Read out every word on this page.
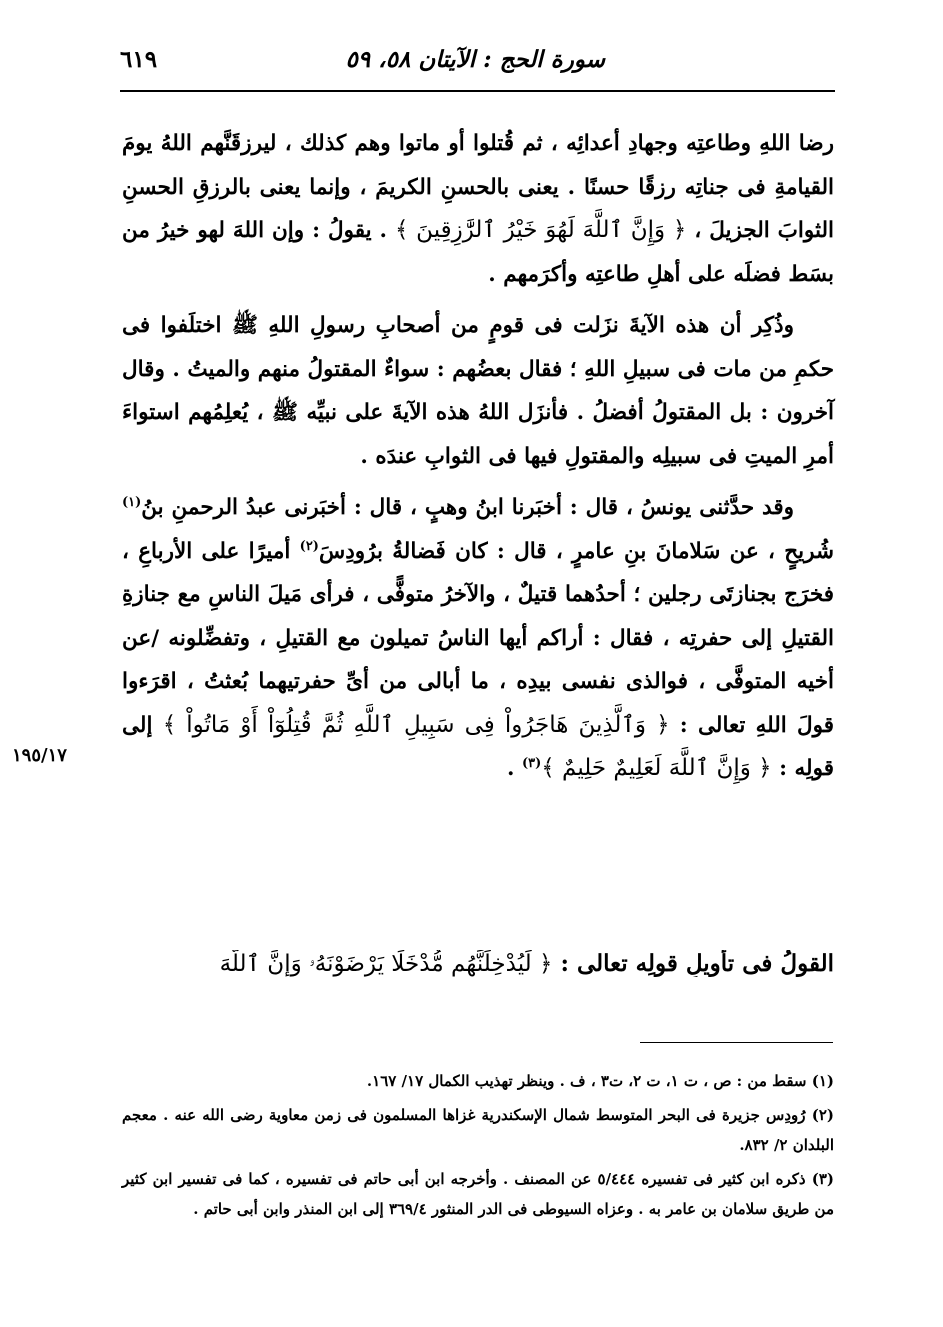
سورة الحج : الآيتان ٥٨، ٥٩
٦١٩

رضا اللهِ وطاعتِه وجهادِ أعدائِه ، ثم قُتلوا أو ماتوا وهم كذلك ، ليرزقَنَّهم اللهُ يومَ القيامةِ فى جناتِه رزقًا حسنًا . يعنى بالحسنِ الكريمَ ، وإنما يعنى بالرزقِ الحسنِ الثوابَ الجزيلَ ، ﴿ وَإِنَّ ٱللَّهَ لَهُوَ خَيْرُ ٱلرَّٰزِقِينَ ﴾ . يقولُ : وإن اللهَ لهو خيرُ من بسَط فضلَه على أهلِ طاعتِه وأكرَمهم .

وذُكِر أن هذه الآيةَ نزَلت فى قومٍ من أصحابِ رسولِ اللهِ ﷺ اختلَفوا فى حكمِ من مات فى سبيلِ اللهِ ؛ فقال بعضُهم : سواءٌ المقتولُ منهم والميتُ . وقال آخرون : بل المقتولُ أفضلُ . فأنزَل اللهُ هذه الآيةَ على نبيِّه ﷺ ، يُعلِمُهم استواءَ أمرِ الميتِ فى سبيلِه والمقتولِ فيها فى الثوابِ عندَه .

وقد حدَّثنى يونسُ ، قال : أخبَرنا ابنُ وهبٍ ، قال : أخبَرنى عبدُ الرحمنِ بنُ$^{(١)}$ شُريحٍ ، عن سَلامانَ بنِ عامرٍ ، قال : كان فَضالةُ برُودِسَ$^{(٢)}$ أميرًا على الأرباعِ ، فخرَج بجنازتَى رجلين ؛ أحدُهما قتيلٌ ، والآخرُ متوفًّى ، فرأى مَيلَ الناسِ مع جنازةِ القتيلِ إلى حفرتِه ، فقال : أراكم أيها الناسُ تميلون مع القتيلِ ، وتفضِّلونه /عن أخيه المتوفَّى ، فوالذى نفسى بيدِه ، ما أبالى من أىِّ حفرتيهما بُعثتُ ، اقرَءوا قولَ اللهِ تعالى : ﴿ وَٱلَّذِينَ هَاجَرُواْ فِى سَبِيلِ ٱللَّهِ ثُمَّ قُتِلُوٓاْ أَوْ مَاتُواْ ﴾ إلى قولِه : ﴿ وَإِنَّ ٱللَّهَ لَعَلِيمٌ حَلِيمٌ ﴾$^{(٣)}$ .

القولُ فى تأويلِ قولِه تعالى : ﴿ لَيُدْخِلَنَّهُم مُّدْخَلًا يَرْضَوْنَهُۥ وَإِنَّ ٱللَّهَ
١٩٥/١٧

(١) سقط من : ص ، ت ١، ت ٢، ت٣ ، ف . وينظر تهذيب الكمال ١٧/ ١٦٧.

(٢) رُودِس جزيرة فى البحر المتوسط شمال الإسكندرية غزاها المسلمون فى زمن معاوية رضى الله عنه . معجم البلدان ٢/ ٨٣٢.

(٣) ذكره ابن كثير فى تفسيره ٥/٤٤٤ عن المصنف . وأخرجه ابن أبى حاتم فى تفسيره ، كما فى تفسير ابن كثير من طريق سلامان بن عامر به . وعزاه السيوطى فى الدر المنثور ٣٦٩/٤ إلى ابن المنذر وابن أبى حاتم .
